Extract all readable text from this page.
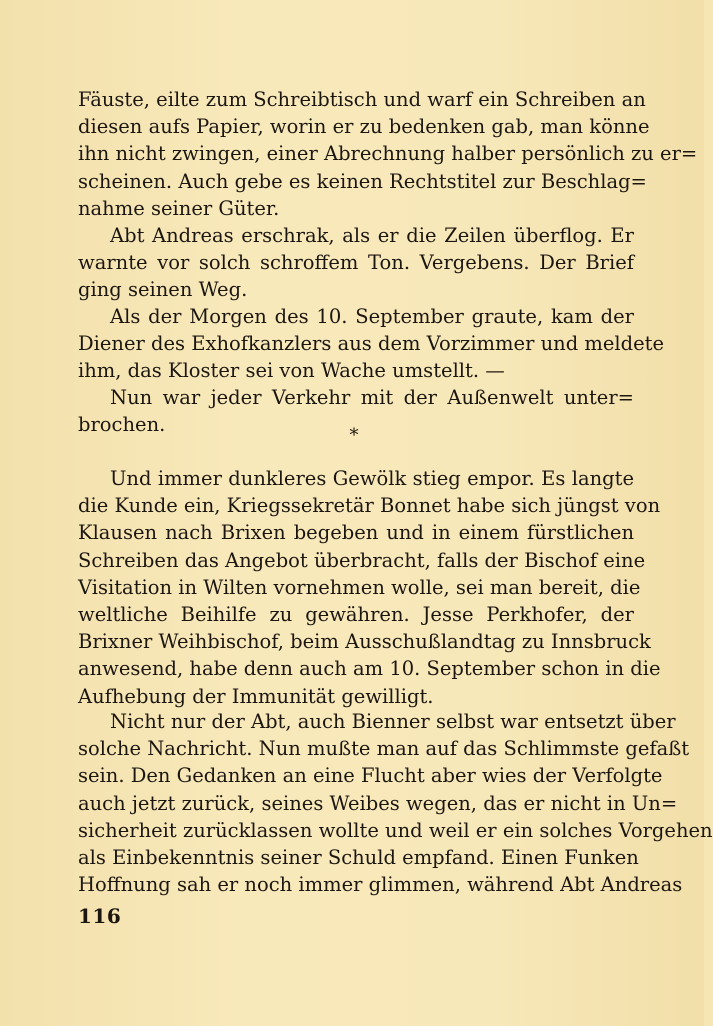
Fäuste, eilte zum Schreibtisch und warf ein Schreiben an
diesen aufs Papier, worin er zu bedenken gab, man könne
ihn nicht zwingen, einer Abrechnung halber persönlich zu er=
scheinen. Auch gebe es keinen Rechtstitel zur Beschlag=
nahme seiner Güter.
Abt Andreas erschrak, als er die Zeilen überflog. Er
warnte vor solch schroffem Ton. Vergebens. Der Brief
ging seinen Weg.
Als der Morgen des 10. September graute, kam der
Diener des Exhofkanzlers aus dem Vorzimmer und meldete
ihm, das Kloster sei von Wache umstellt. —
Nun war jeder Verkehr mit der Außenwelt unter=
brochen.	*
Und immer dunkleres Gewölk stieg empor. Es langte
die Kunde ein, Kriegssekretär Bonnet habe sich jüngst von
Klausen nach Brixen begeben und in einem fürstlichen
Schreiben das Angebot überbracht, falls der Bischof eine
Visitation in Wilten vornehmen wolle, sei man bereit, die
weltliche Beihilfe zu gewähren. Jesse Perkhofer, der
Brixner Weihbischof, beim Ausschußlandtag zu Innsbruck
anwesend, habe denn auch am 10. September schon in die
Aufhebung der Immunität gewilligt.
Nicht nur der Abt, auch Bienner selbst war entsetzt über
solche Nachricht. Nun mußte man auf das Schlimmste gefaßt
sein. Den Gedanken an eine Flucht aber wies der Verfolgte
auch jetzt zurück, seines Weibes wegen, das er nicht in Un=
sicherheit zurücklassen wollte und weil er ein solches Vorgehen
als Einbekenntnis seiner Schuld empfand. Einen Funken
Hoffnung sah er noch immer glimmen, während Abt Andreas
116
